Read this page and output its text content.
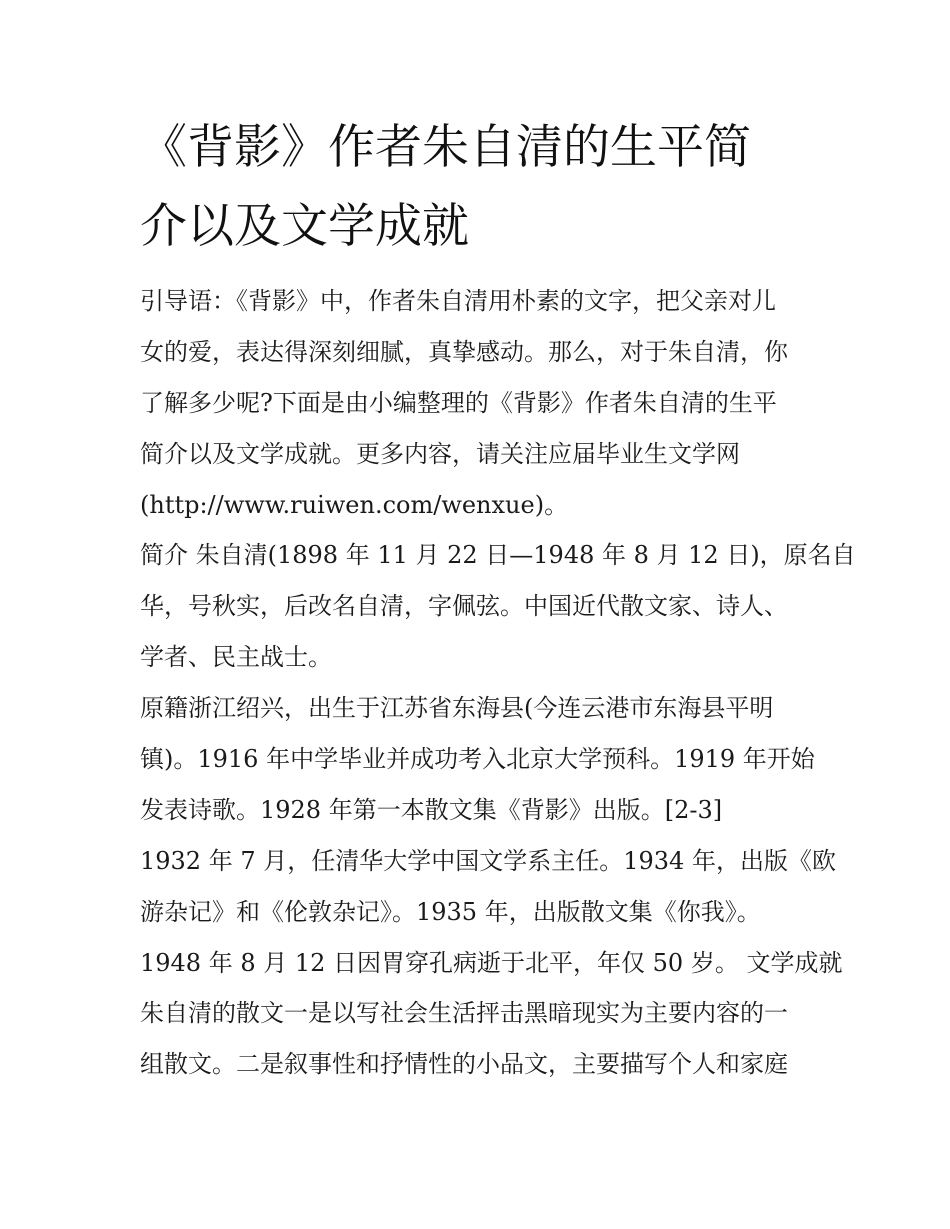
《背影》作者朱自清的生平简
介以及文学成就
引导语：《背影》中，作者朱自清用朴素的文字，把父亲对儿
女的爱，表达得深刻细腻，真挚感动。那么，对于朱自清，你
了解多少呢?下面是由小编整理的《背影》作者朱自清的生平
简介以及文学成就。更多内容，请关注应届毕业生文学网
(http://www.ruiwen.com/wenxue)。
简介 朱自清(1898 年 11 月 22 日—1948 年 8 月 12 日)，原名自
华，号秋实，后改名自清，字佩弦。中国近代散文家、诗人、
学者、民主战士。
原籍浙江绍兴，出生于江苏省东海县(今连云港市东海县平明
镇)。1916 年中学毕业并成功考入北京大学预科。1919 年开始
发表诗歌。1928 年第一本散文集《背影》出版。[2-3]
1932 年 7 月，任清华大学中国文学系主任。1934 年，出版《欧
游杂记》和《伦敦杂记》。1935 年，出版散文集《你我》。
1948 年 8 月 12 日因胃穿孔病逝于北平，年仅 50 岁。 文学成就
朱自清的散文一是以写社会生活抨击黑暗现实为主要内容的一
组散文。二是叙事性和抒情性的小品文，主要描写个人和家庭
